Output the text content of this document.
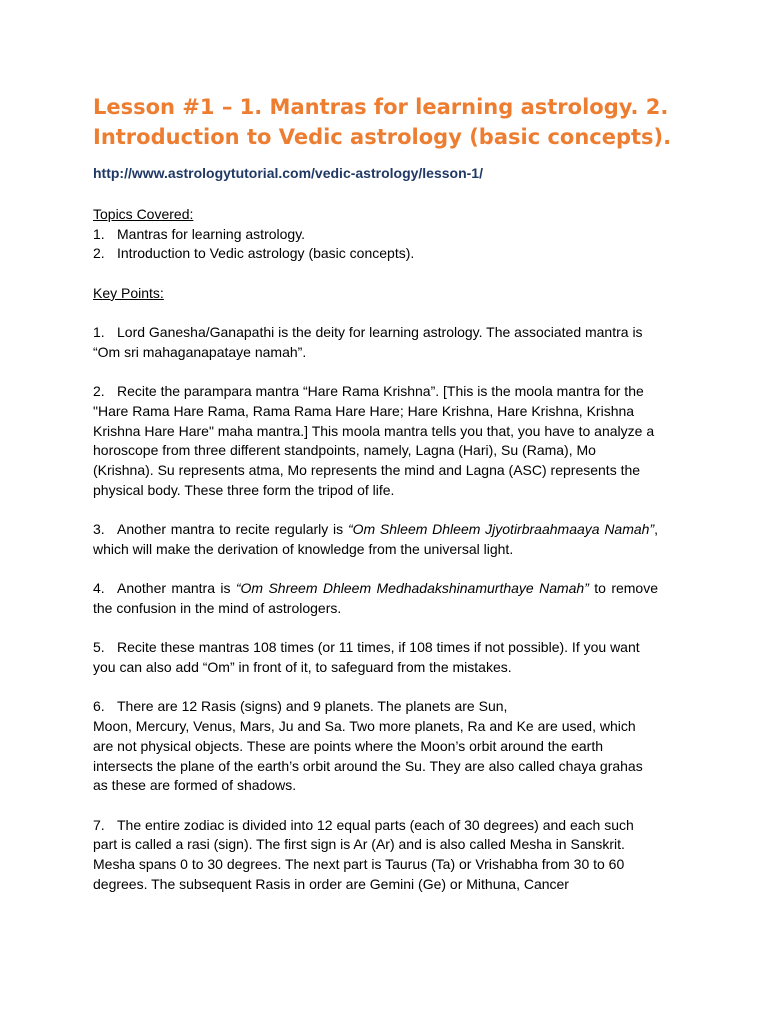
Lesson #1 – 1. Mantras for learning astrology. 2. Introduction to Vedic astrology (basic concepts).
http://www.astrologytutorial.com/vedic-astrology/lesson-1/

Topics Covered:

1. Mantras for learning astrology.
2. Introduction to Vedic astrology (basic concepts).

Key Points:

1. Lord Ganesha/Ganapathi is the deity for learning astrology. The associated mantra is “Om sri mahaganapataye namah”.

2. Recite the parampara mantra “Hare Rama Krishna”. [This is the moola mantra for the "Hare Rama Hare Rama, Rama Rama Hare Hare; Hare Krishna, Hare Krishna, Krishna Krishna Hare Hare" maha mantra.] This moola mantra tells you that, you have to analyze a horoscope from three different standpoints, namely, Lagna (Hari), Su (Rama), Mo (Krishna). Su represents atma, Mo represents the mind and Lagna (ASC) represents the physical body. These three form the tripod of life.

3. Another mantra to recite regularly is “Om Shleem Dhleem Jjyotirbraahmaaya Namah”, which will make the derivation of knowledge from the universal light.

4. Another mantra is “Om Shreem Dhleem Medhadakshinamurthaye Namah” to remove the confusion in the mind of astrologers.

5. Recite these mantras 108 times (or 11 times, if 108 times if not possible). If you want you can also add “Om” in front of it, to safeguard from the mistakes.

6. There are 12 Rasis (signs) and 9 planets. The planets are Sun,

Moon, Mercury, Venus, Mars, Ju and Sa. Two more planets, Ra and Ke are used, which are not physical objects. These are points where the Moon’s orbit around the earth intersects the plane of the earth’s orbit around the Su. They are also called chaya grahas as these are formed of shadows.

7. The entire zodiac is divided into 12 equal parts (each of 30 degrees) and each such part is called a rasi (sign). The first sign is Ar (Ar) and is also called Mesha in Sanskrit. Mesha spans 0 to 30 degrees. The next part is Taurus (Ta) or Vrishabha from 30 to 60 degrees. The subsequent Rasis in order are Gemini (Ge) or Mithuna, Cancer
